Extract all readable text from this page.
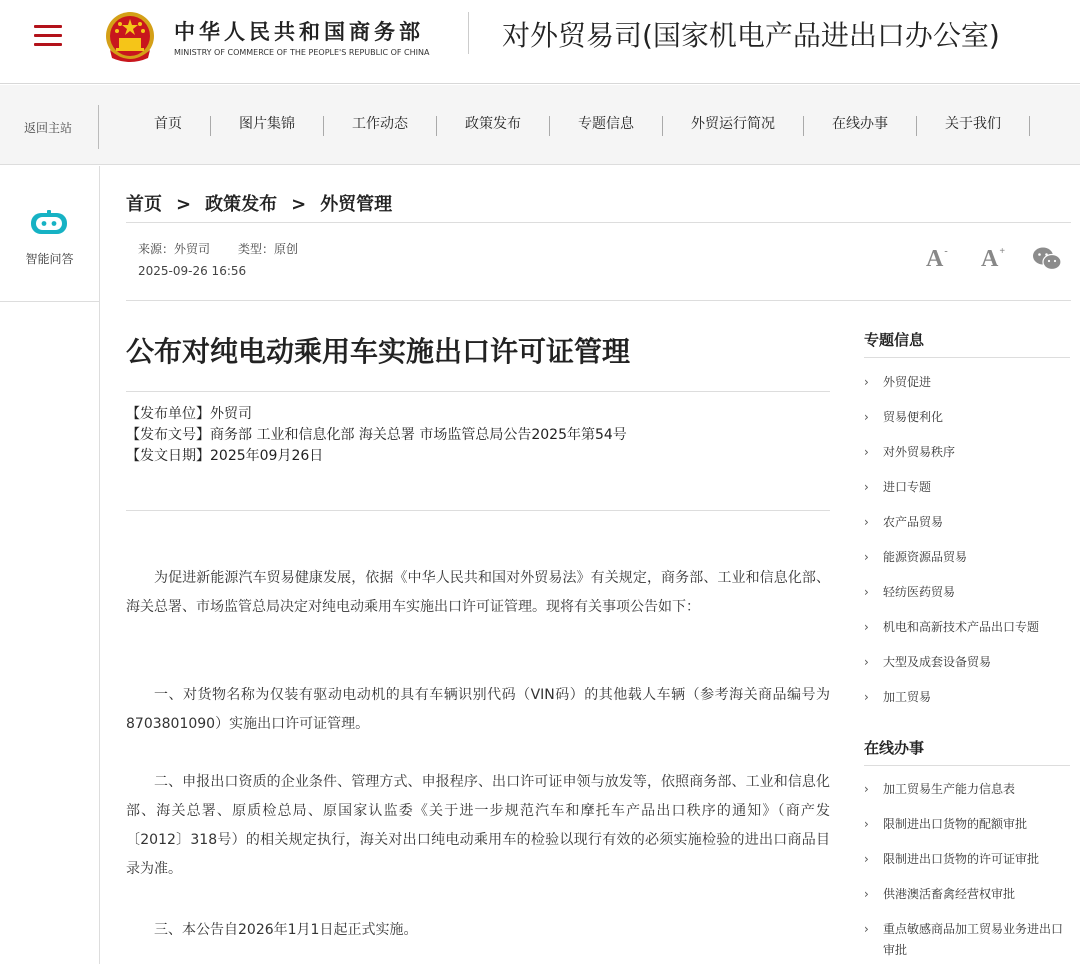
中华人民共和国商务部
MINISTRY OF COMMERCE OF THE PEOPLE'S REPUBLIC OF CHINA
对外贸易司(国家机电产品进出口办公室)
返回主站	首页	图片集锦	工作动态	政策发布	专题信息	外贸运行简况	在线办事	关于我们
智能问答
首页 > 政策发布 > 外贸管理
来源：外贸司 类型：原创
2025-09-26 16:56	A- A+
公布对纯电动乘用车实施出口许可证管理
【发布单位】外贸司
【发布文号】商务部 工业和信息化部 海关总署 市场监管总局公告2025年第54号
【发文日期】2025年09月26日
为促进新能源汽车贸易健康发展，依据《中华人民共和国对外贸易法》有关规定，商务部、工业和信息化部、海关总署、市场监管总局决定对纯电动乘用车实施出口许可证管理。现将有关事项公告如下：
一、对货物名称为仅装有驱动电动机的具有车辆识别代码（VIN码）的其他载人车辆（参考海关商品编号为8703801090）实施出口许可证管理。
二、申报出口资质的企业条件、管理方式、申报程序、出口许可证申领与放发等，依照商务部、工业和信息化部、海关总署、原质检总局、原国家认监委《关于进一步规范汽车和摩托车产品出口秩序的通知》（商产发〔2012〕318号）的相关规定执行，海关对出口纯电动乘用车的检验以现行有效的必须实施检验的进出口商品目录为准。
三、本公告自2026年1月1日起正式实施。
专题信息
› 外贸促进
› 贸易便利化
› 对外贸易秩序
› 进口专题
› 农产品贸易
› 能源资源品贸易
› 轻纺医药贸易
› 机电和高新技术产品出口专题
› 大型及成套设备贸易
› 加工贸易
在线办事
› 加工贸易生产能力信息表
› 限制进出口货物的配额审批
› 限制进出口货物的许可证审批
› 供港澳活畜禽经营权审批
› 重点敏感商品加工贸易业务进出口审批
